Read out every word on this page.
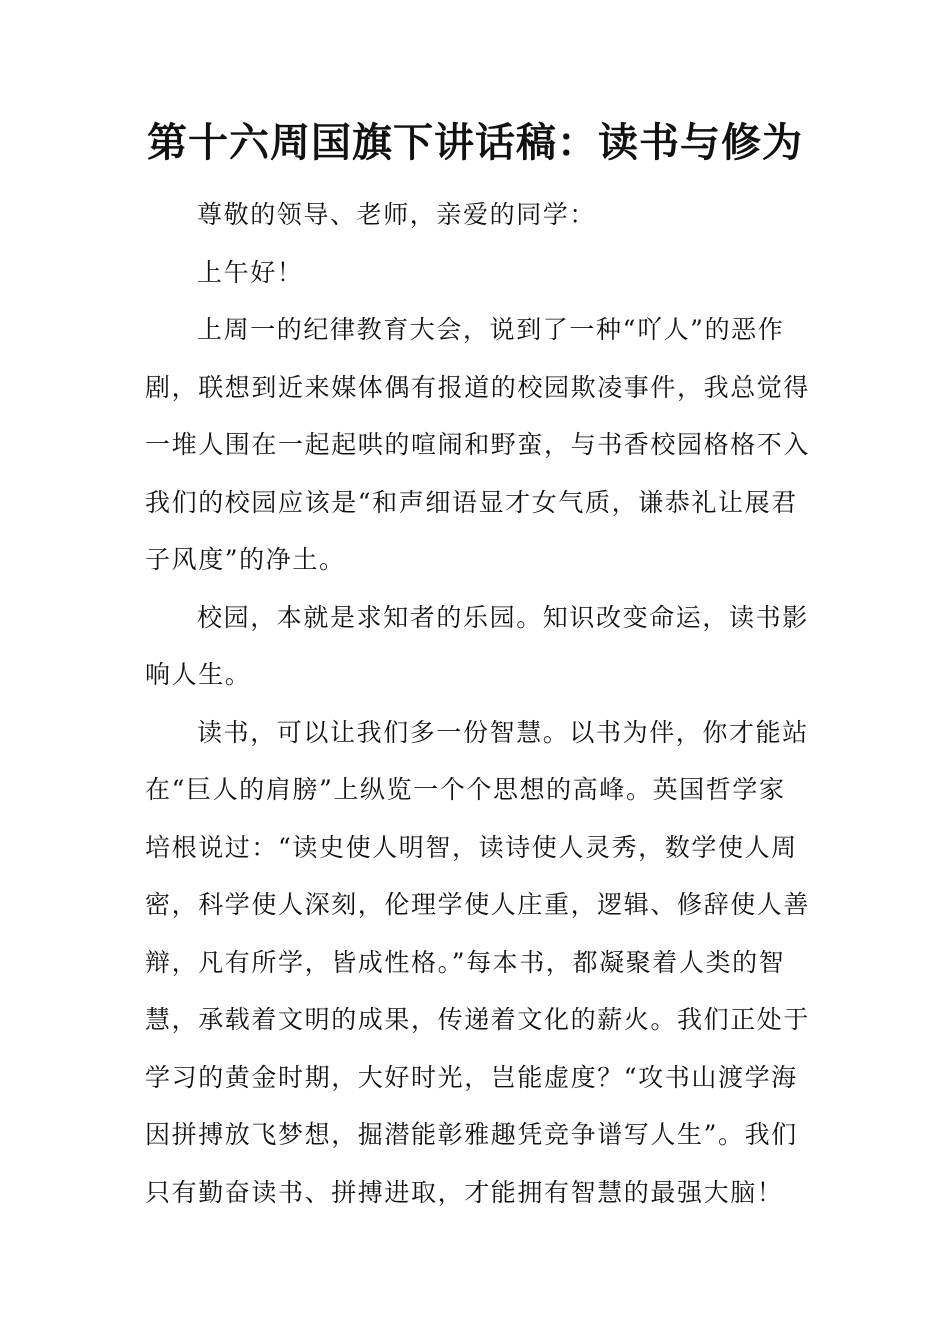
第十六周国旗下讲话稿：读书与修为
尊敬的领导、老师，亲爱的同学：
上午好！
上周一的纪律教育大会，说到了一种“吖人”的恶作
剧，联想到近来媒体偶有报道的校园欺凌事件，我总觉得
一堆人围在一起起哄的喧闹和野蛮，与书香校园格格不入
我们的校园应该是“和声细语显才女气质，谦恭礼让展君
子风度”的净土。
校园，本就是求知者的乐园。知识改变命运，读书影
响人生。
读书，可以让我们多一份智慧。以书为伴，你才能站
在“巨人的肩膀”上纵览一个个思想的高峰。英国哲学家
培根说过：“读史使人明智，读诗使人灵秀，数学使人周
密，科学使人深刻，伦理学使人庄重，逻辑、修辞使人善
辩，凡有所学，皆成性格。”每本书，都凝聚着人类的智
慧，承载着文明的成果，传递着文化的薪火。我们正处于
学习的黄金时期，大好时光，岂能虚度？“攻书山渡学海
因拼搏放飞梦想，掘潜能彰雅趣凭竞争谱写人生”。我们
只有勤奋读书、拼搏进取，才能拥有智慧的最强大脑！
